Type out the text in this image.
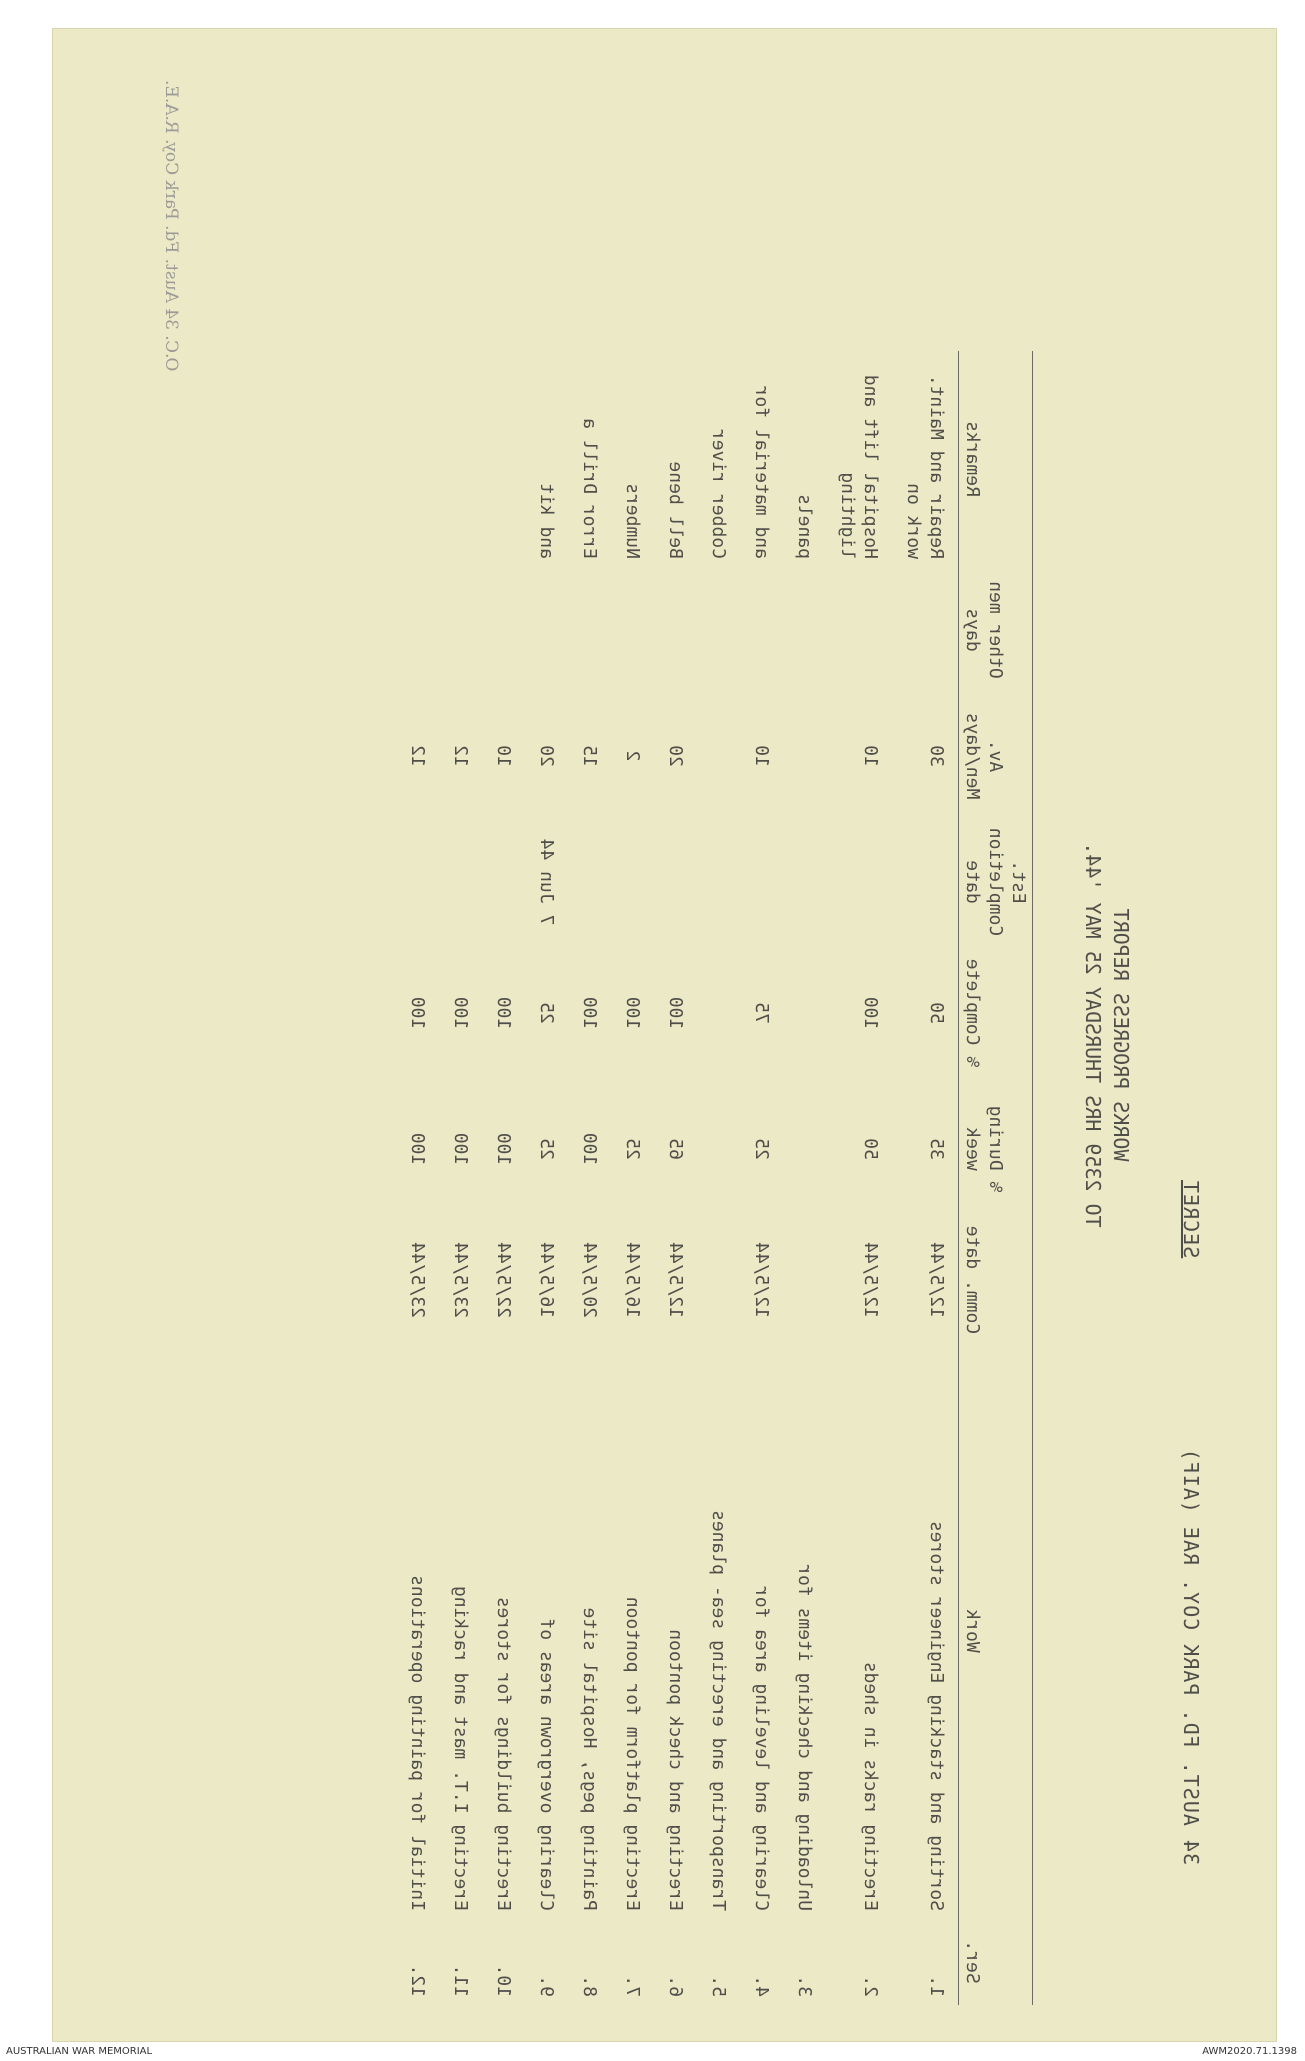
SECRET
34 AUST. FD. PARK COY. RAE (AIF)
WORKS PROGRESS REPORT
TO 2359 HRS THURSDAY 25 MAY '44.
Ser.	Work	Comm. date	% During week	% Complete	Est. Completion date	Av. Men/days	Other men days	Remarks
1.	Sorting and stacking Engineer stores	12/5/44	35	50		30		Repair and Maint. work on
2.	Erecting racks in sheds	12/5/44	50	100		10		Hospital lift and lighting
3.	Unloading and checking items for							panels
4.	Clearing and leveling area for	12/5/44	25	75		10		and material for
5.	Transporting and erecting sea- planes							Cobber river
6.	Erecting and check pontoon	12/5/44	65	100		20		Bell bene
7.	Erecting platform for pontoon	16/5/44	25	100		2		Numbers
8.	Painting pegs, Hospital site	20/5/44	100	100		15		Error Drill a
9.	Clearing overgrown areas of	16/5/44	25	25	7 Jun 44	20		and kit
10.	Erecting buildings for stores	22/5/44	100	100		10		
11.	Erecting I.T. mast and racking	23/5/44	100	100		12		
12.	Initial for painting operations	23/5/44	100	100		12		
O.C. 34 Aust. Fd. Park Coy. R.A.E.
AUSTRALIAN WAR MEMORIAL	AWM2020.71.1398
